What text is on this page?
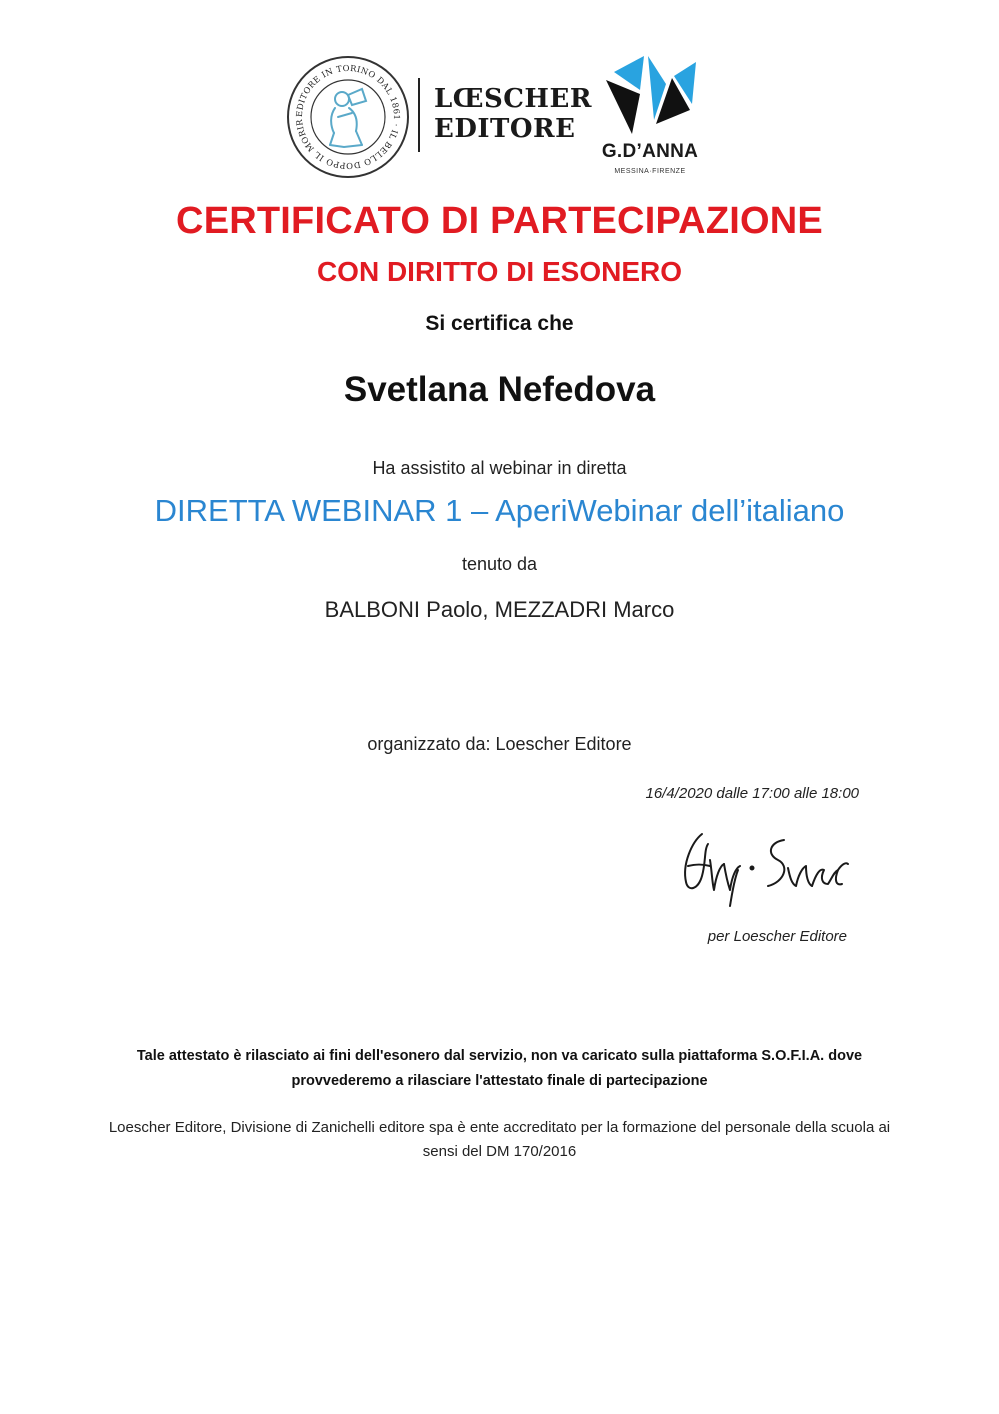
EDITORE IN TORINO DAL 1861 · IL BELLO DOPPO IL MORIR
LŒSCHER
EDITORE
G.D’ANNA
MESSINA·FIRENZE
CERTIFICATO DI PARTECIPAZIONE
CON DIRITTO DI ESONERO
Si certifica che
Svetlana Nefedova
Ha assistito al webinar in diretta
DIRETTA WEBINAR 1 – AperiWebinar dell’italiano
tenuto da
BALBONI Paolo, MEZZADRI Marco
organizzato da: Loescher Editore
16/4/2020 dalle 17:00 alle 18:00
per Loescher Editore
Tale attestato è rilasciato ai fini dell'esonero dal servizio, non va caricato sulla piattaforma S.O.F.I.A. dove
provvederemo a rilasciare l'attestato finale di partecipazione
Loescher Editore, Divisione di Zanichelli editore spa è ente accreditato per la formazione del personale della scuola ai
sensi del DM 170/2016
